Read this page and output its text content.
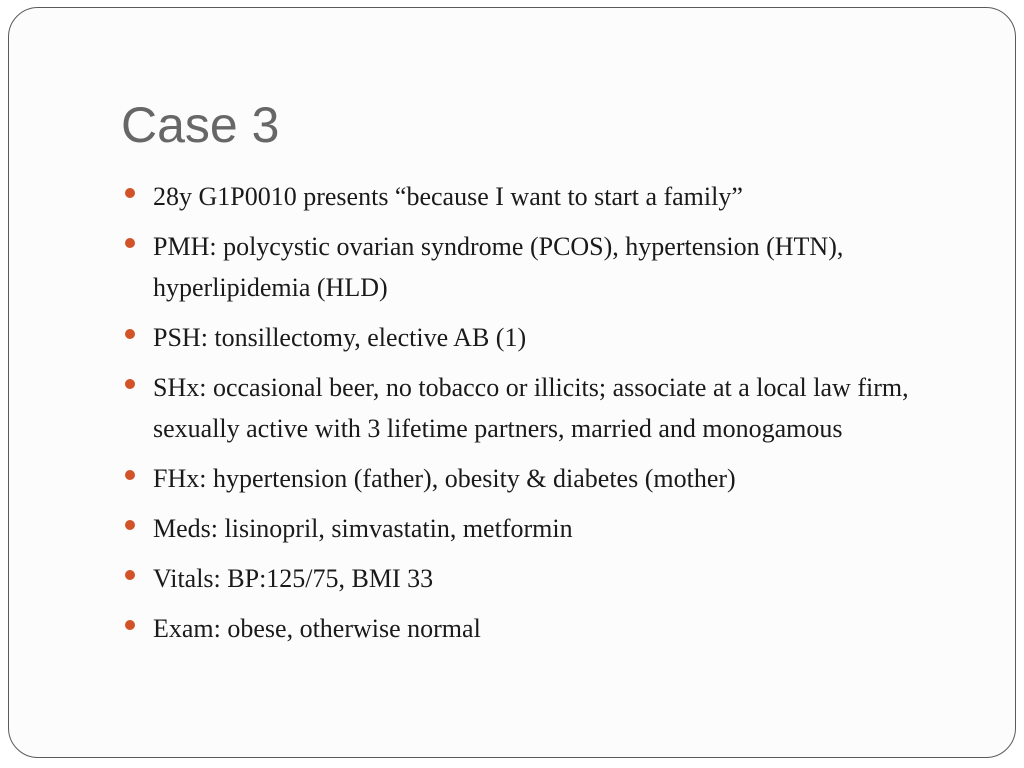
Case 3
28y G1P0010 presents “because I want to start a family”
PMH: polycystic ovarian syndrome (PCOS), hypertension (HTN), hyperlipidemia (HLD)
PSH: tonsillectomy, elective AB (1)
SHx: occasional beer, no tobacco or illicits; associate at a local law firm, sexually active with 3 lifetime partners, married and monogamous
FHx: hypertension (father), obesity & diabetes (mother)
Meds: lisinopril, simvastatin, metformin
Vitals: BP:125/75, BMI 33
Exam: obese, otherwise normal
